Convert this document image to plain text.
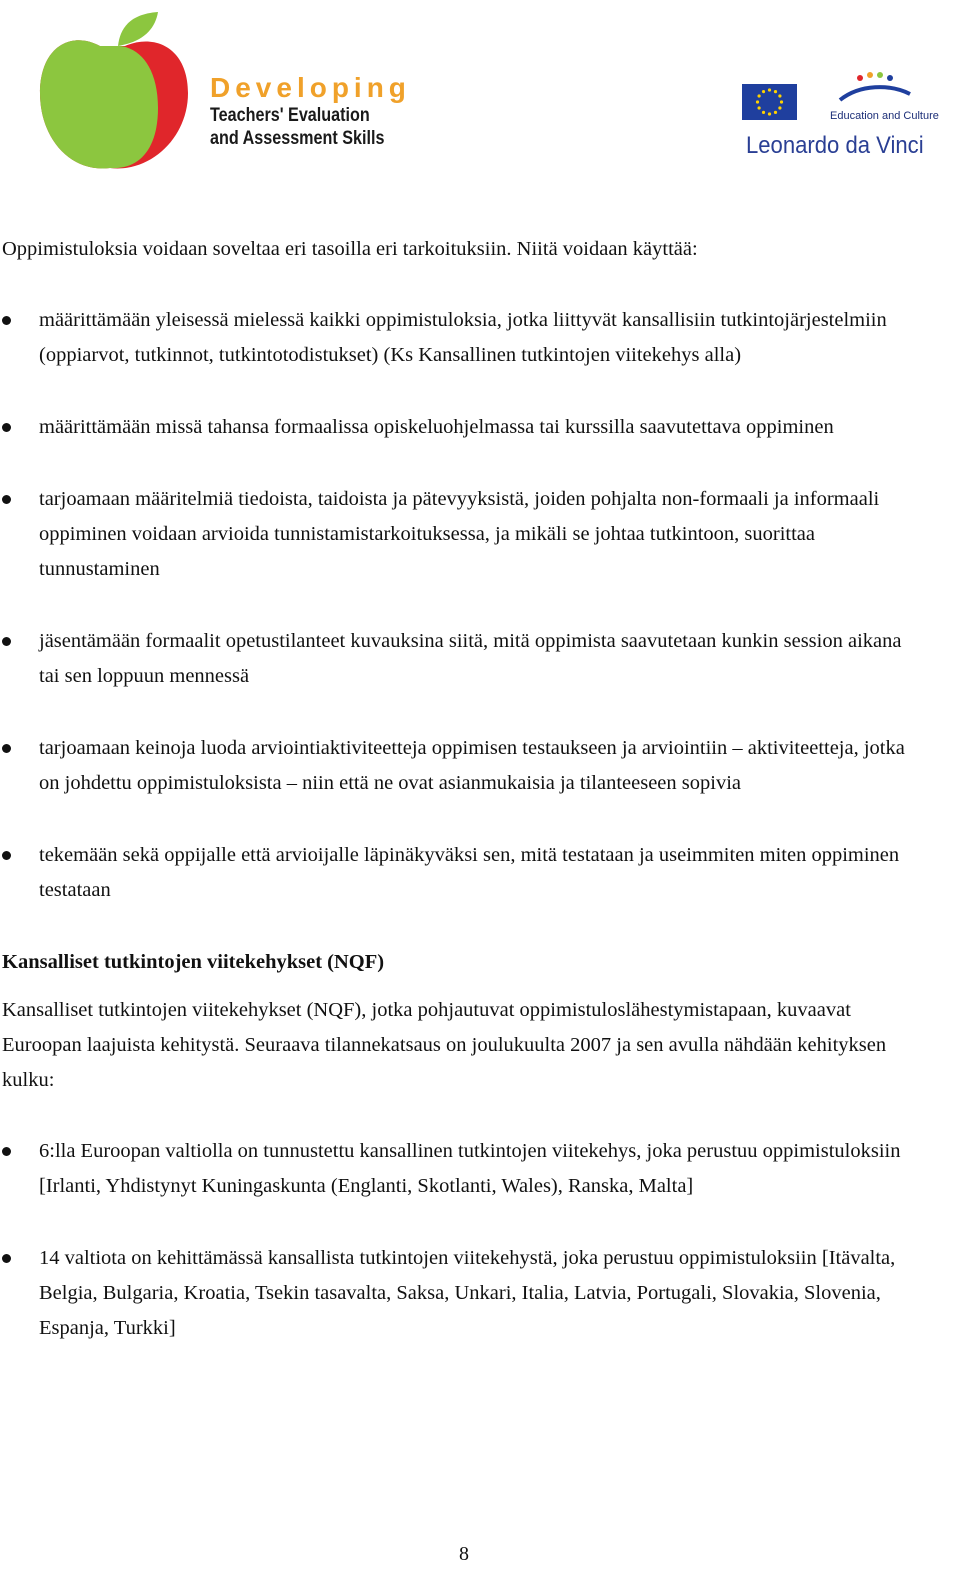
Developing
Teachers' Evaluation
and Assessment Skills
Education and Culture
Leonardo da Vinci

Oppimistuloksia voidaan soveltaa eri tasoilla eri tarkoituksiin. Niitä voidaan käyttää:

määrittämään yleisessä mielessä kaikki oppimistuloksia, jotka liittyvät kansallisiin tutkintojärjestelmiin (oppiarvot, tutkinnot, tutkintotodistukset) (Ks Kansallinen tutkintojen viitekehys alla)
määrittämään missä tahansa formaalissa opiskeluohjelmassa tai kurssilla saavutettava oppiminen
tarjoamaan määritelmiä tiedoista, taidoista ja pätevyyksistä, joiden pohjalta non-formaali ja informaali oppiminen voidaan arvioida tunnistamistarkoituksessa, ja mikäli se johtaa tutkintoon, suorittaa tunnustaminen
jäsentämään formaalit opetustilanteet kuvauksina siitä, mitä oppimista saavutetaan kunkin session aikana tai sen loppuun mennessä
tarjoamaan keinoja luoda arviointiaktiviteetteja oppimisen testaukseen ja arviointiin – aktiviteetteja, jotka on johdettu oppimistuloksista – niin että ne ovat asianmukaisia ja tilanteeseen sopivia
tekemään sekä oppijalle että arvioijalle läpinäkyväksi sen, mitä testataan ja useimmiten miten oppiminen testataan

Kansalliset tutkintojen viitekehykset (NQF)

Kansalliset tutkintojen viitekehykset (NQF), jotka pohjautuvat oppimistuloslähestymistapaan, kuvaavat Euroopan laajuista kehitystä. Seuraava tilannekatsaus on joulukuulta 2007 ja sen avulla nähdään kehityksen kulku:

6:lla Euroopan valtiolla on tunnustettu kansallinen tutkintojen viitekehys, joka perustuu oppimistuloksiin [Irlanti, Yhdistynyt Kuningaskunta (Englanti, Skotlanti, Wales), Ranska, Malta]
14 valtiota on kehittämässä kansallista tutkintojen viitekehystä, joka perustuu oppimistuloksiin [Itävalta, Belgia, Bulgaria, Kroatia, Tsekin tasavalta, Saksa, Unkari, Italia, Latvia, Portugali, Slovakia, Slovenia, Espanja, Turkki]
8
